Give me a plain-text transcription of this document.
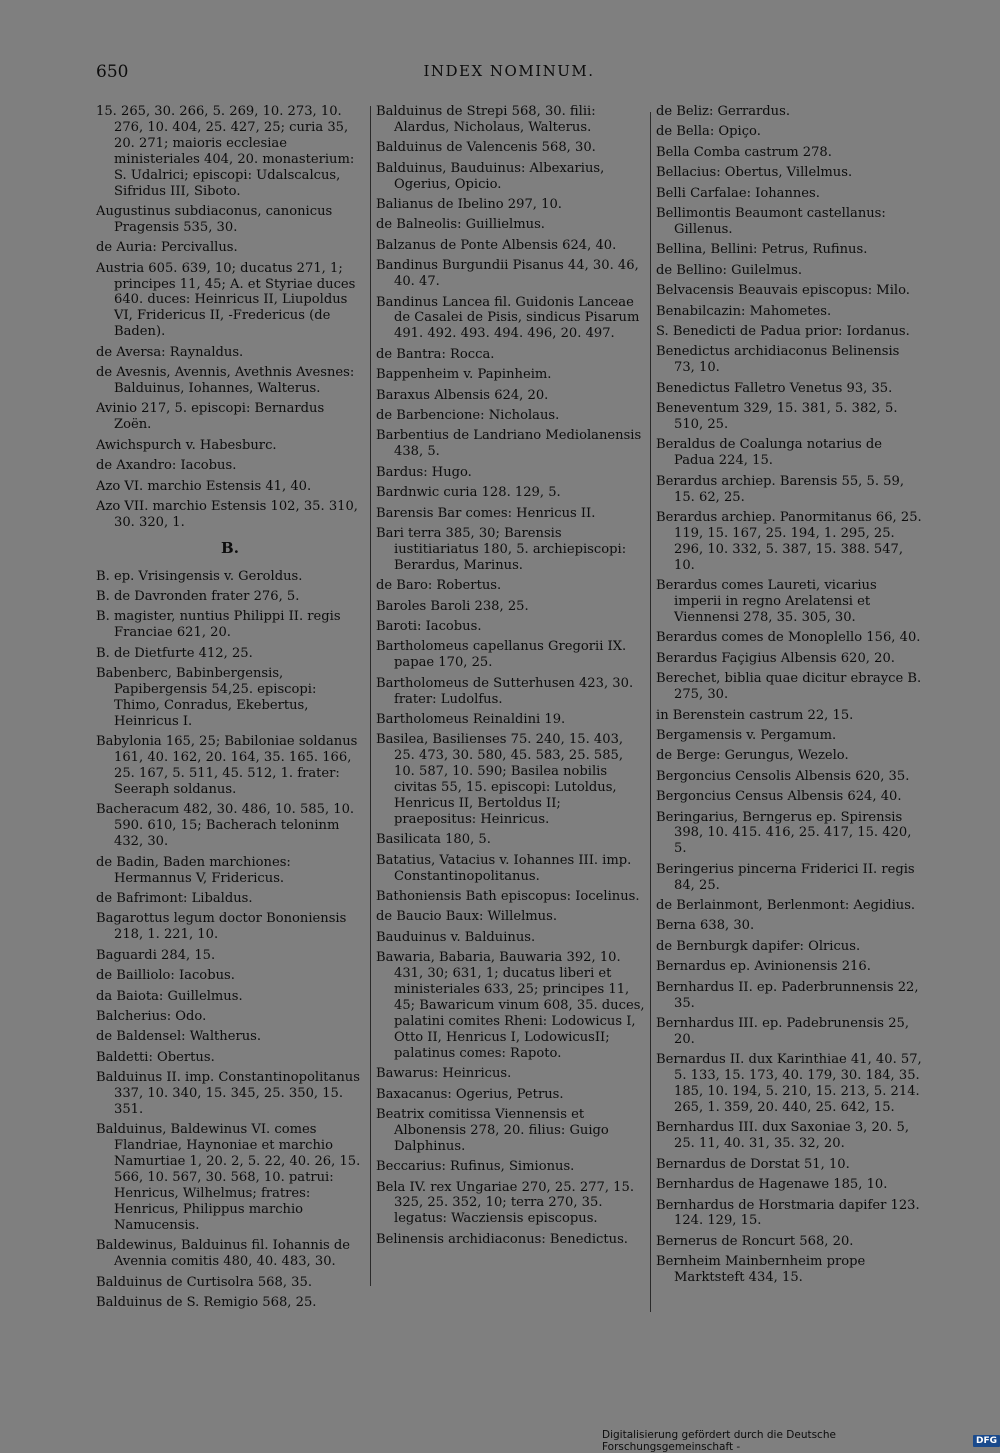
650	INDEX NOMINUM.
15. 265, 30. 266, 5. 269, 10. 273, 10. 276, 10. 404, 25. 427, 25; curia 35, 20. 271; maioris ecclesiae ministeriales 404, 20. monasterium: S. Udalrici; episcopi: Udalscalcus, Sifridus III, Siboto.
Augustinus subdiaconus, canonicus Pragensis 535, 30.
de Auria: Percivallus.
Austria 605. 639, 10; ducatus 271, 1; principes 11, 45; A. et Styriae duces 640. duces: Heinricus II, Liupoldus VI, Fridericus II, -Fredericus (de Baden).
de Aversa: Raynaldus.
de Avesnis, Avennis, Avethnis Avesnes: Balduinus, Iohannes, Walterus.
Avinio 217, 5. episcopi: Bernardus Zoën.
Awichspurch v. Habesburc.
de Axandro: Iacobus.
Azo VI. marchio Estensis 41, 40.
Azo VII. marchio Estensis 102, 35. 310, 30. 320, 1.
B.
B. ep. Vrisingensis v. Geroldus.
B. de Davronden frater 276, 5.
B. magister, nuntius Philippi II. regis Franciae 621, 20.
B. de Dietfurte 412, 25.
Babenberc, Babinbergensis, Papibergensis 54,25. episcopi: Thimo, Conradus, Ekebertus, Heinricus I.
Babylonia 165, 25; Babiloniae soldanus 161, 40. 162, 20. 164, 35. 165. 166, 25. 167, 5. 511, 45. 512, 1. frater: Seeraph soldanus.
Bacheracum 482, 30. 486, 10. 585, 10. 590. 610, 15; Bacherach teloninm 432, 30.
de Badin, Baden marchiones: Hermannus V, Fridericus.
de Bafrimont: Libaldus.
Bagarottus legum doctor Bononiensis 218, 1. 221, 10.
Baguardi 284, 15.
de Bailliolo: Iacobus.
da Baiota: Guillelmus.
Balcherius: Odo.
de Baldensel: Waltherus.
Baldetti: Obertus.
Balduinus II. imp. Constantinopolitanus 337, 10. 340, 15. 345, 25. 350, 15. 351.
Balduinus, Baldewinus VI. comes Flandriae, Haynoniae et marchio Namurtiae 1, 20. 2, 5. 22, 40. 26, 15. 566, 10. 567, 30. 568, 10. patrui: Henricus, Wilhelmus; fratres: Henricus, Philippus marchio Namucensis.
Baldewinus, Balduinus fil. Iohannis de Avennia comitis 480, 40. 483, 30.
Balduinus de Curtisolra 568, 35.
Balduinus de S. Remigio 568, 25.
Balduinus de Strepi 568, 30. filii: Alardus, Nicholaus, Walterus.
Balduinus de Valencenis 568, 30.
Balduinus, Bauduinus: Albexarius, Ogerius, Opicio.
Balianus de Ibelino 297, 10.
de Balneolis: Guillielmus.
Balzanus de Ponte Albensis 624, 40.
Bandinus Burgundii Pisanus 44, 30. 46, 40. 47.
Bandinus Lancea fil. Guidonis Lanceae de Casalei de Pisis, sindicus Pisarum 491. 492. 493. 494. 496, 20. 497.
de Bantra: Rocca.
Bappenheim v. Papinheim.
Baraxus Albensis 624, 20.
de Barbencione: Nicholaus.
Barbentius de Landriano Mediolanensis 438, 5.
Bardus: Hugo.
Bardnwic curia 128. 129, 5.
Barensis Bar comes: Henricus II.
Bari terra 385, 30; Barensis iustitiariatus 180, 5. archiepiscopi: Berardus, Marinus.
de Baro: Robertus.
Baroles Baroli 238, 25.
Baroti: Iacobus.
Bartholomeus capellanus Gregorii IX. papae 170, 25.
Bartholomeus de Sutterhusen 423, 30. frater: Ludolfus.
Bartholomeus Reinaldini 19.
Basilea, Basilienses 75. 240, 15. 403, 25. 473, 30. 580, 45. 583, 25. 585, 10. 587, 10. 590; Basilea nobilis civitas 55, 15. episcopi: Lutoldus, Henricus II, Bertoldus II; praepositus: Heinricus.
Basilicata 180, 5.
Batatius, Vatacius v. Iohannes III. imp. Constantinopolitanus.
Bathoniensis Bath episcopus: Iocelinus.
de Baucio Baux: Willelmus.
Bauduinus v. Balduinus.
Bawaria, Babaria, Bauwaria 392, 10. 431, 30; 631, 1; ducatus liberi et ministeriales 633, 25; principes 11, 45; Bawaricum vinum 608, 35. duces, palatini comites Rheni: Lodowicus I, Otto II, Henricus I, LodowicusII; palatinus comes: Rapoto.
Bawarus: Heinricus.
Baxacanus: Ogerius, Petrus.
Beatrix comitissa Viennensis et Albonensis 278, 20. filius: Guigo Dalphinus.
Beccarius: Rufinus, Simionus.
Bela IV. rex Ungariae 270, 25. 277, 15. 325, 25. 352, 10; terra 270, 35. legatus: Wacziensis episcopus.
Belinensis archidiaconus: Benedictus.
de Beliz: Gerrardus.
de Bella: Opiço.
Bella Comba castrum 278.
Bellacius: Obertus, Villelmus.
Belli Carfalae: Iohannes.
Bellimontis Beaumont castellanus: Gillenus.
Bellina, Bellini: Petrus, Rufinus.
de Bellino: Guilelmus.
Belvacensis Beauvais episcopus: Milo.
Benabilcazin: Mahometes.
S. Benedicti de Padua prior: Iordanus.
Benedictus archidiaconus Belinensis 73, 10.
Benedictus Falletro Venetus 93, 35.
Beneventum 329, 15. 381, 5. 382, 5. 510, 25.
Beraldus de Coalunga notarius de Padua 224, 15.
Berardus archiep. Barensis 55, 5. 59, 15. 62, 25.
Berardus archiep. Panormitanus 66, 25. 119, 15. 167, 25. 194, 1. 295, 25. 296, 10. 332, 5. 387, 15. 388. 547, 10.
Berardus comes Laureti, vicarius imperii in regno Arelatensi et Viennensi 278, 35. 305, 30.
Berardus comes de Monoplello 156, 40.
Berardus Façigius Albensis 620, 20.
Berechet, biblia quae dicitur ebrayce B. 275, 30.
in Berenstein castrum 22, 15.
Bergamensis v. Pergamum.
de Berge: Gerungus, Wezelo.
Bergoncius Censolis Albensis 620, 35.
Bergoncius Census Albensis 624, 40.
Beringarius, Berngerus ep. Spirensis 398, 10. 415. 416, 25. 417, 15. 420, 5.
Beringerius pincerna Friderici II. regis 84, 25.
de Berlainmont, Berlenmont: Aegidius.
Berna 638, 30.
de Bernburgk dapifer: Olricus.
Bernardus ep. Avinionensis 216.
Bernhardus II. ep. Paderbrunnensis 22, 35.
Bernhardus III. ep. Padebrunensis 25, 20.
Bernardus II. dux Karinthiae 41, 40. 57, 5. 133, 15. 173, 40. 179, 30. 184, 35. 185, 10. 194, 5. 210, 15. 213, 5. 214. 265, 1. 359, 20. 440, 25. 642, 15.
Bernhardus III. dux Saxoniae 3, 20. 5, 25. 11, 40. 31, 35. 32, 20.
Bernardus de Dorstat 51, 10.
Bernhardus de Hagenawe 185, 10.
Bernhardus de Horstmaria dapifer 123. 124. 129, 15.
Bernerus de Roncurt 568, 20.
Bernheim Mainbernheim prope Marktsteft 434, 15.
Digitalisierung gefördert durch die Deutsche Forschungsgemeinschaft -	DFG
